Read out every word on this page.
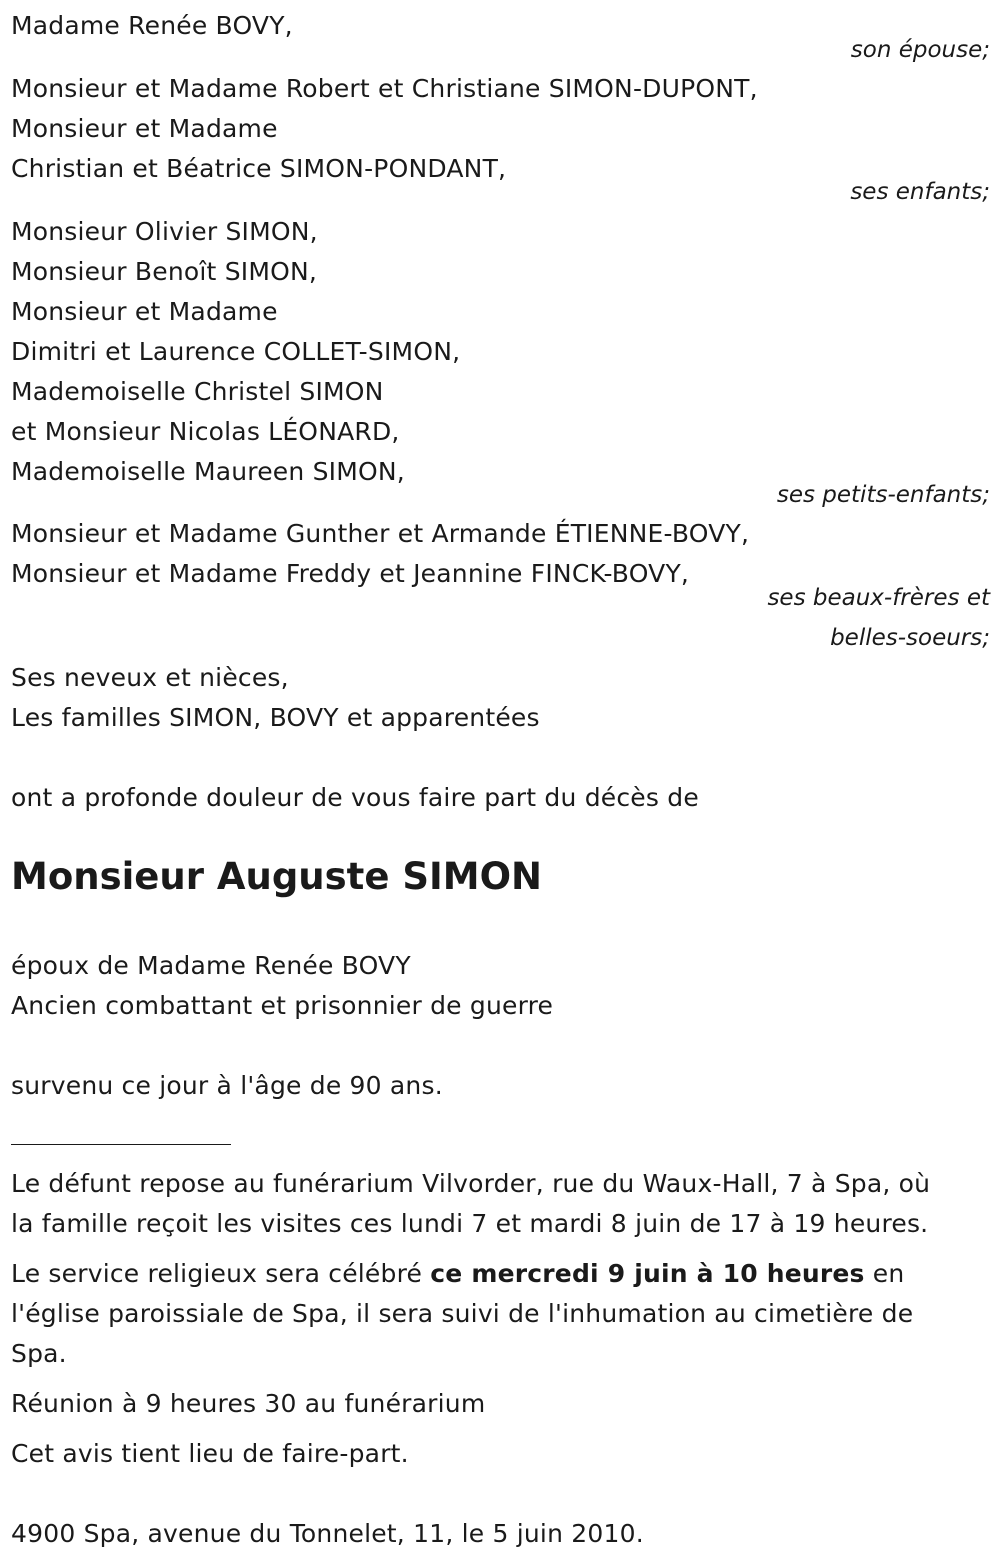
Madame Renée BOVY,
son épouse;
Monsieur et Madame Robert et Christiane SIMON-DUPONT,
Monsieur et Madame
Christian et Béatrice SIMON-PONDANT,
ses enfants;
Monsieur Olivier SIMON,
Monsieur Benoît SIMON,
Monsieur et Madame
Dimitri et Laurence COLLET-SIMON,
Mademoiselle Christel SIMON
et Monsieur Nicolas LÉONARD,
Mademoiselle Maureen SIMON,
ses petits-enfants;
Monsieur et Madame Gunther et Armande ÉTIENNE-BOVY,
Monsieur et Madame Freddy et Jeannine FINCK-BOVY,
ses beaux-frères et
belles-soeurs;
Ses neveux et nièces,
Les familles SIMON, BOVY et apparentées
ont a profonde douleur de vous faire part du décès de
Monsieur Auguste SIMON
époux de Madame Renée BOVY
Ancien combattant et prisonnier de guerre
survenu ce jour à l'âge de 90 ans.
Le défunt repose au funérarium Vilvorder, rue du Waux-Hall, 7 à Spa, où
la famille reçoit les visites ces lundi 7 et mardi 8 juin de 17 à 19 heures.
Le service religieux sera célébré ce mercredi 9 juin à 10 heures en
l'église paroissiale de Spa, il sera suivi de l'inhumation au cimetière de
Spa.
Réunion à 9 heures 30 au funérarium
Cet avis tient lieu de faire-part.
4900 Spa, avenue du Tonnelet, 11, le 5 juin 2010.
